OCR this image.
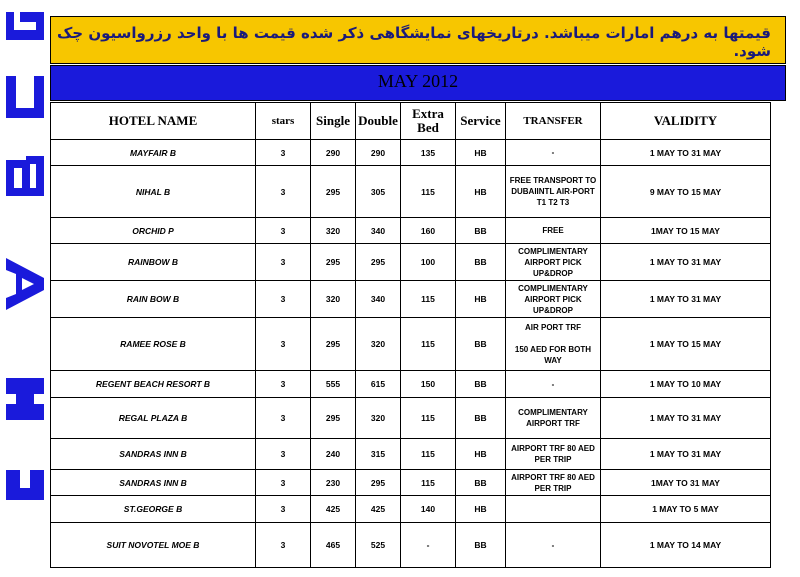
قیمتها به درهم امارات میباشد. درتاریخهای نمایشگاهی ذکر شده قیمت ها با واحد رزرواسیون چک شود.
MAY 2012
HOTEL NAME	stars	Single	Double	Extra Bed	Service	TRANSFER	VALIDITY
MAYFAIR B	3	290	290	135	HB	-	1 MAY TO 31 MAY
NIHAL B	3	295	305	115	HB	FREE TRANSPORT TO DUBAIINTL AIR-PORT T1 T2 T3	9 MAY TO 15 MAY
ORCHID P	3	320	340	160	BB	FREE	1MAY TO 15 MAY
RAINBOW B	3	295	295	100	BB	COMPLIMENTARY AIRPORT PICK UP&DROP	1 MAY TO 31 MAY
RAIN BOW B	3	320	340	115	HB	COMPLIMENTARY AIRPORT PICK UP&DROP	1 MAY TO 31 MAY
RAMEE ROSE B	3	295	320	115	BB	AIR PORT TRF

150 AED FOR BOTH WAY	1 MAY TO 15 MAY
REGENT BEACH RESORT B	3	555	615	150	BB	-	1 MAY TO 10 MAY
REGAL PLAZA B	3	295	320	115	BB	COMPLIMENTARY AIRPORT TRF	1 MAY TO 31 MAY
SANDRAS INN B	3	240	315	115	HB	AIRPORT TRF 80 AED PER TRIP	1 MAY TO 31 MAY
SANDRAS INN B	3	230	295	115	BB	AIRPORT TRF 80 AED PER TRIP	1MAY TO 31 MAY
ST.GEORGE B	3	425	425	140	HB		1 MAY TO 5 MAY
SUIT NOVOTEL MOE B	3	465	525	-	BB	-	1 MAY TO 14 MAY
